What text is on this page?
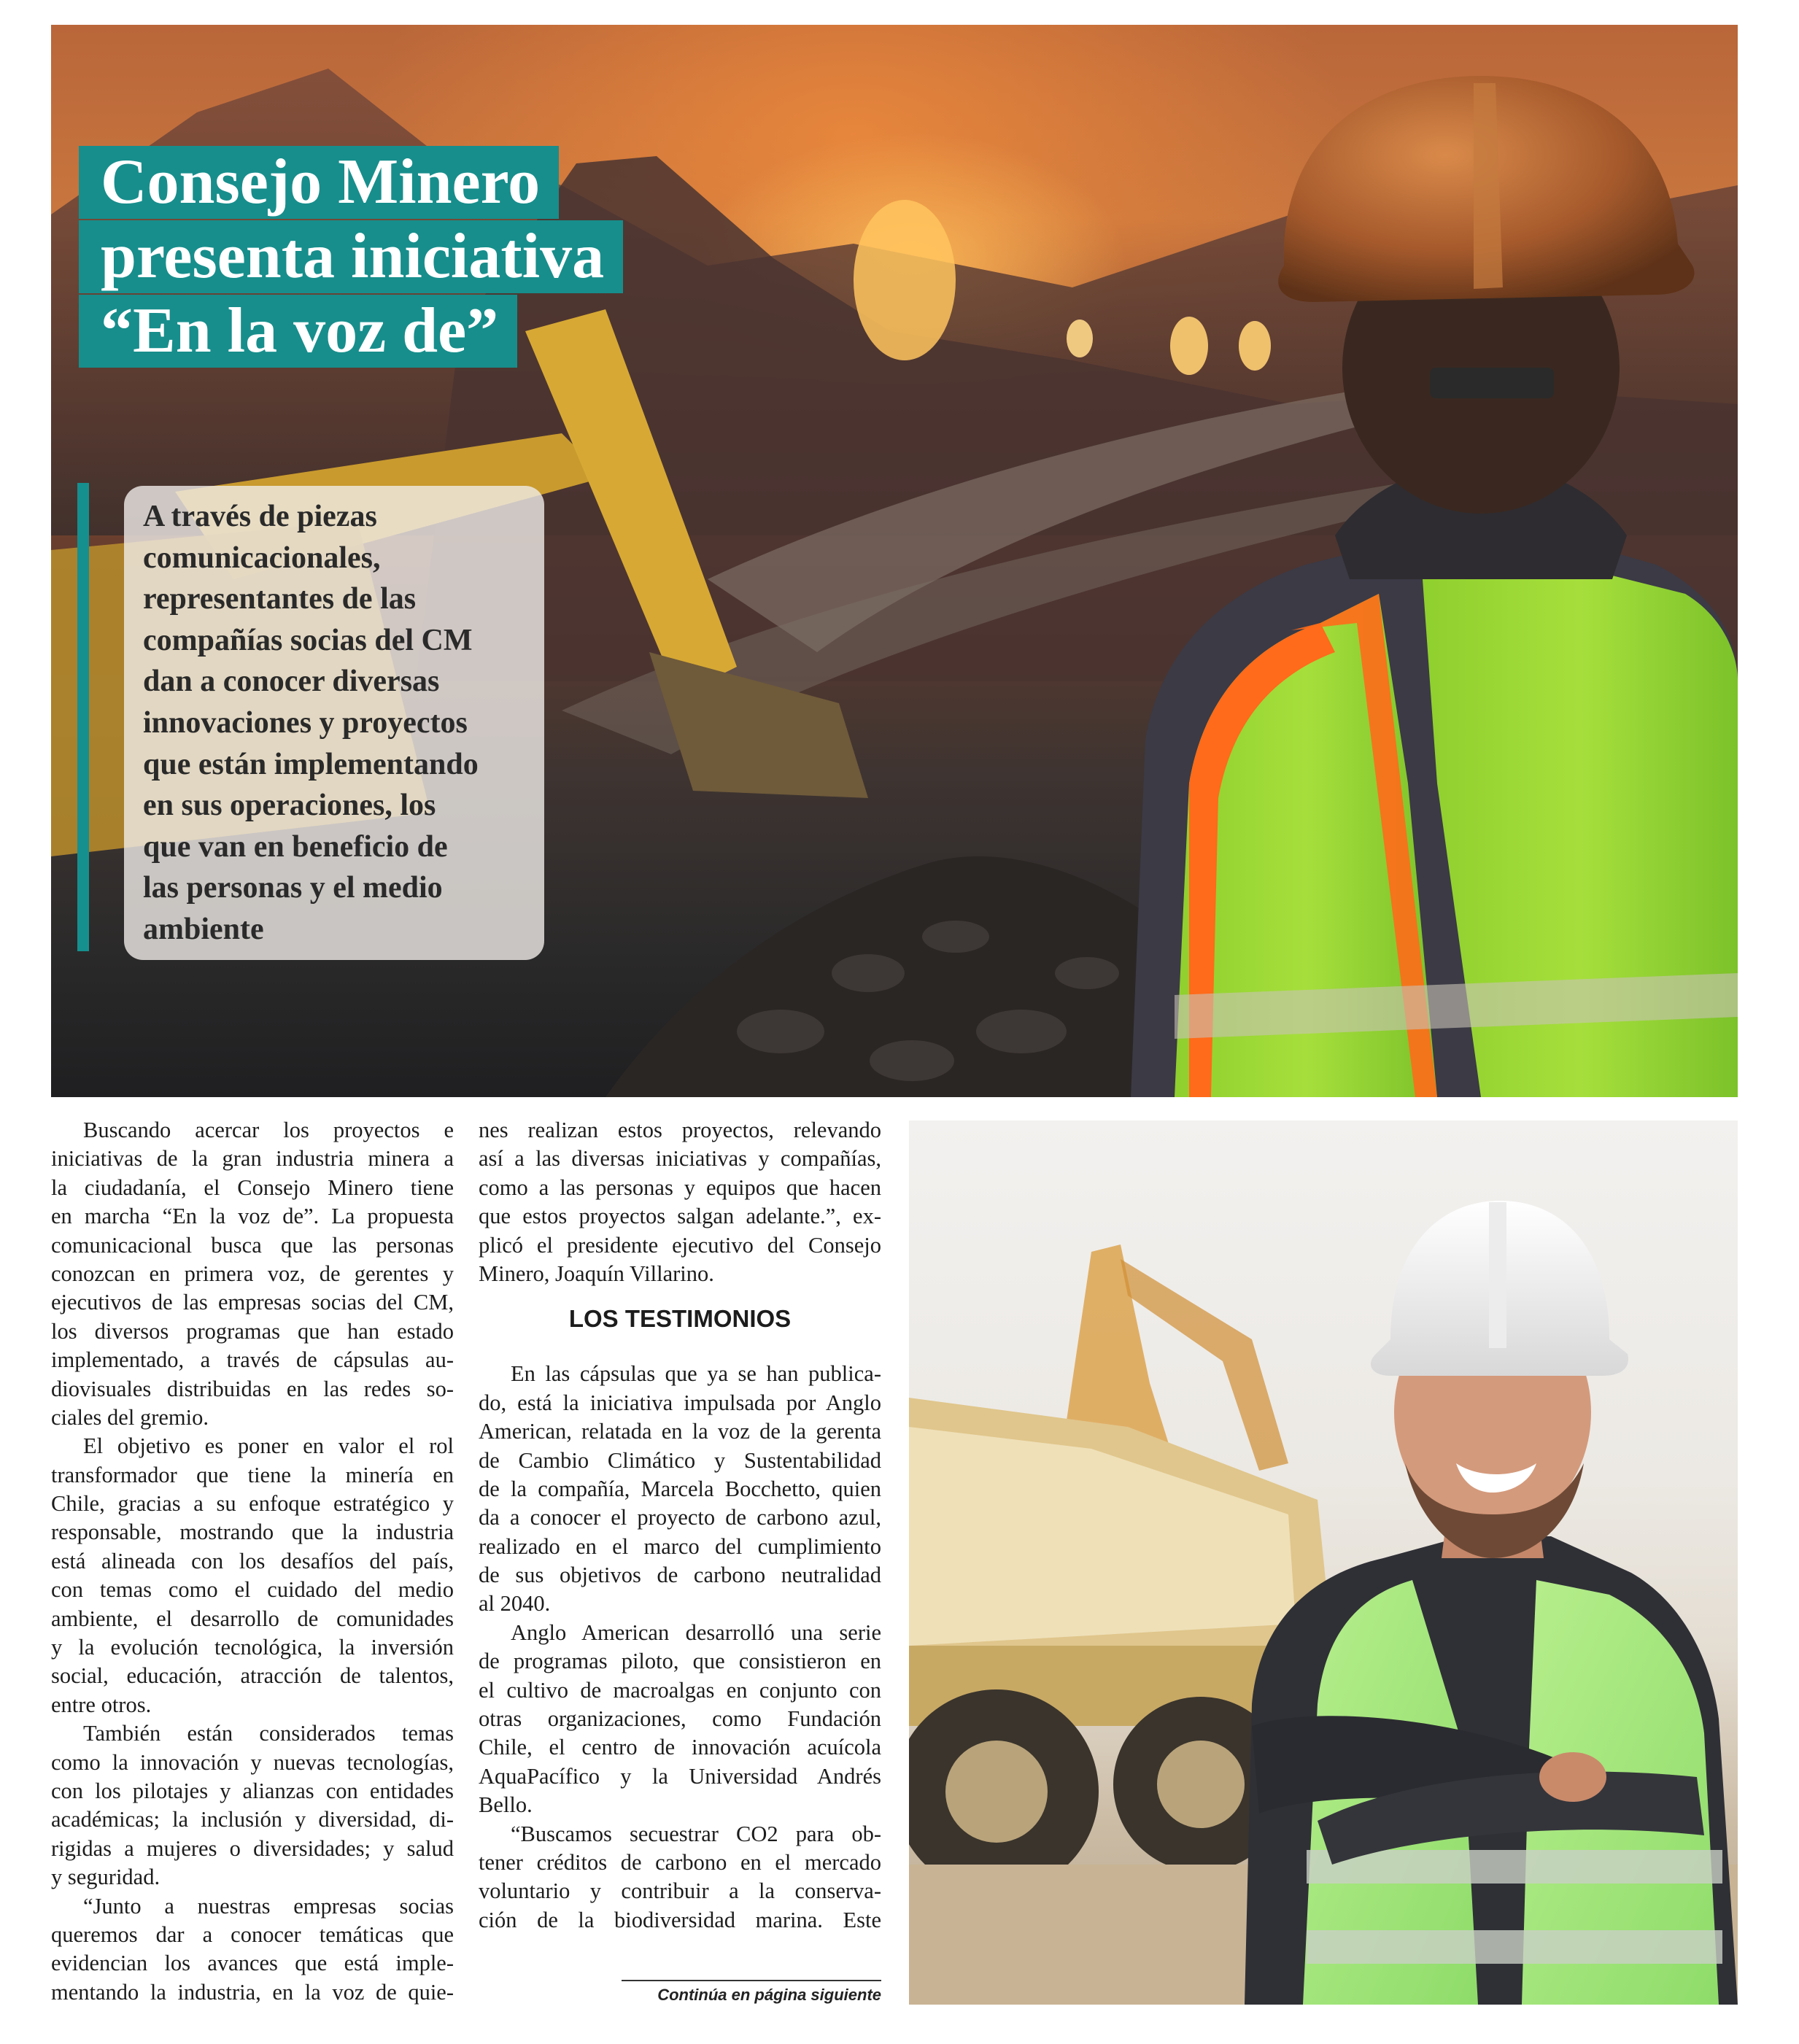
Consejo Minero
presenta iniciativa
“En la voz de”

A través de piezas
comunicacionales,
representantes de las
compañías socias del CM
dan a conocer diversas
innovaciones y proyectos
que están implementando
en sus operaciones, los
que van en beneficio de
las personas y el medio
ambiente

Buscando acercar los proyectos e
iniciativas de la gran industria minera a
la ciudadanía, el Consejo Minero tiene
en marcha “En la voz de”. La propuesta
comunicacional busca que las personas
conozcan en primera voz, de gerentes y
ejecutivos de las empresas socias del CM,
los diversos programas que han estado
implementado, a través de cápsulas au-
diovisuales distribuidas en las redes so-
ciales del gremio.
El objetivo es poner en valor el rol
transformador que tiene la minería en
Chile, gracias a su enfoque estratégico y
responsable, mostrando que la industria
está alineada con los desafíos del país,
con temas como el cuidado del medio
ambiente, el desarrollo de comunidades
y la evolución tecnológica, la inversión
social, educación, atracción de talentos,
entre otros.
También están considerados temas
como la innovación y nuevas tecnologías,
con los pilotajes y alianzas con entidades
académicas; la inclusión y diversidad, di-
rigidas a mujeres o diversidades; y salud
y seguridad.
“Junto a nuestras empresas socias
queremos dar a conocer temáticas que
evidencian los avances que está imple-
mentando la industria, en la voz de quie-
nes realizan estos proyectos, relevando
así a las diversas iniciativas y compañías,
como a las personas y equipos que hacen
que estos proyectos salgan adelante.”, ex-
plicó el presidente ejecutivo del Consejo
Minero, Joaquín Villarino.
LOS TESTIMONIOS
En las cápsulas que ya se han publica-
do, está la iniciativa impulsada por Anglo
American, relatada en la voz de la gerenta
de Cambio Climático y Sustentabilidad
de la compañía, Marcela Bocchetto, quien
da a conocer el proyecto de carbono azul,
realizado en el marco del cumplimiento
de sus objetivos de carbono neutralidad
al 2040.
Anglo American desarrolló una serie
de programas piloto, que consistieron en
el cultivo de macroalgas en conjunto con
otras organizaciones, como Fundación
Chile, el centro de innovación acuícola
AquaPacífico y la Universidad Andrés
Bello.
“Buscamos secuestrar CO2 para ob-
tener créditos de carbono en el mercado
voluntario y contribuir a la conserva-
ción de la biodiversidad marina. Este
Continúa en página siguiente
